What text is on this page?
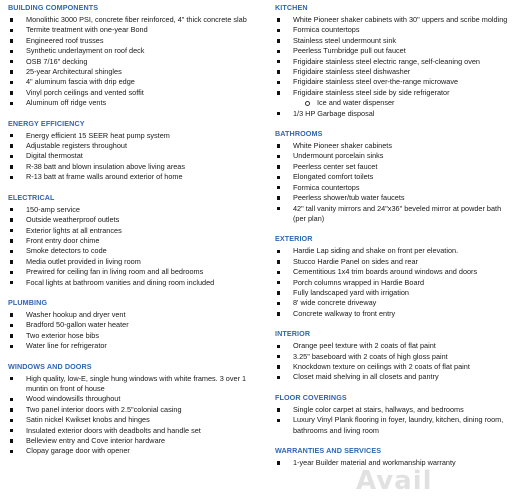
BUILDING COMPONENTS
Monolithic 3000 PSI, concrete fiber reinforced, 4" thick concrete slab
Termite treatment with one-year Bond
Engineered roof trusses
Synthetic underlayment on roof deck
OSB 7/16" decking
25-year Architectural shingles
4" aluminum fascia with drip edge
Vinyl porch ceilings and vented soffit
Aluminum off ridge vents
ENERGY EFFICIENCY
Energy efficient 15 SEER heat pump system
Adjustable registers throughout
Digital thermostat
R-38 batt and blown insulation above living areas
R-13 batt at frame walls around exterior of home
ELECTRICAL
150-amp service
Outside weatherproof outlets
Exterior lights at all entrances
Front entry door chime
Smoke detectors to code
Media outlet provided in living room
Prewired for ceiling fan in living room and all bedrooms
Focal lights at bathroom vanities and dining room included
PLUMBING
Washer hookup and dryer vent
Bradford 50-gallon water heater
Two exterior hose bibs
Water line for refrigerator
WINDOWS AND DOORS
High quality, low-E, single hung windows with white frames. 3 over 1 muntin on front of house
Wood windowsills throughout
Two panel interior doors with 2.5"colonial casing
Satin nickel Kwikset knobs and hinges
Insulated exterior doors with deadbolts and handle set
Belleview entry and Cove interior hardware
Clopay garage door with opener
KITCHEN
White Pioneer shaker cabinets with 30" uppers and scribe molding
Formica countertops
Stainless steel undermount sink
Peerless Turnbridge pull out faucet
Frigidaire stainless steel electric range, self-cleaning oven
Frigidaire stainless steel dishwasher
Frigidaire stainless steel over-the-range microwave
Frigidaire stainless steel side by side refrigerator
Ice and water dispenser
1/3 HP Garbage disposal
BATHROOMS
White Pioneer shaker cabinets
Undermount porcelain sinks
Peerless center set faucet
Elongated comfort toilets
Formica countertops
Peerless shower/tub water faucets
42" tall vanity mirrors and 24"x36" beveled mirror at powder bath (per plan)
EXTERIOR
Hardie Lap siding and shake on front per elevation.
Stucco Hardie Panel on sides and rear
Cementitious 1x4 trim boards around windows and doors
Porch columns wrapped in Hardie Board
Fully landscaped yard with irrigation
8' wide concrete driveway
Concrete walkway to front entry
INTERIOR
Orange peel texture with 2 coats of flat paint
3.25" baseboard with 2 coats of high gloss paint
Knockdown texture on ceilings with 2 coats of flat paint
Closet maid shelving in all closets and pantry
FLOOR COVERINGS
Single color carpet at stairs, hallways, and bedrooms
Luxury Vinyl Plank flooring in foyer, laundry, kitchen, dining room, bathrooms and living room
WARRANTIES AND SERVICES
1-year Builder material and workmanship warranty
Avail
